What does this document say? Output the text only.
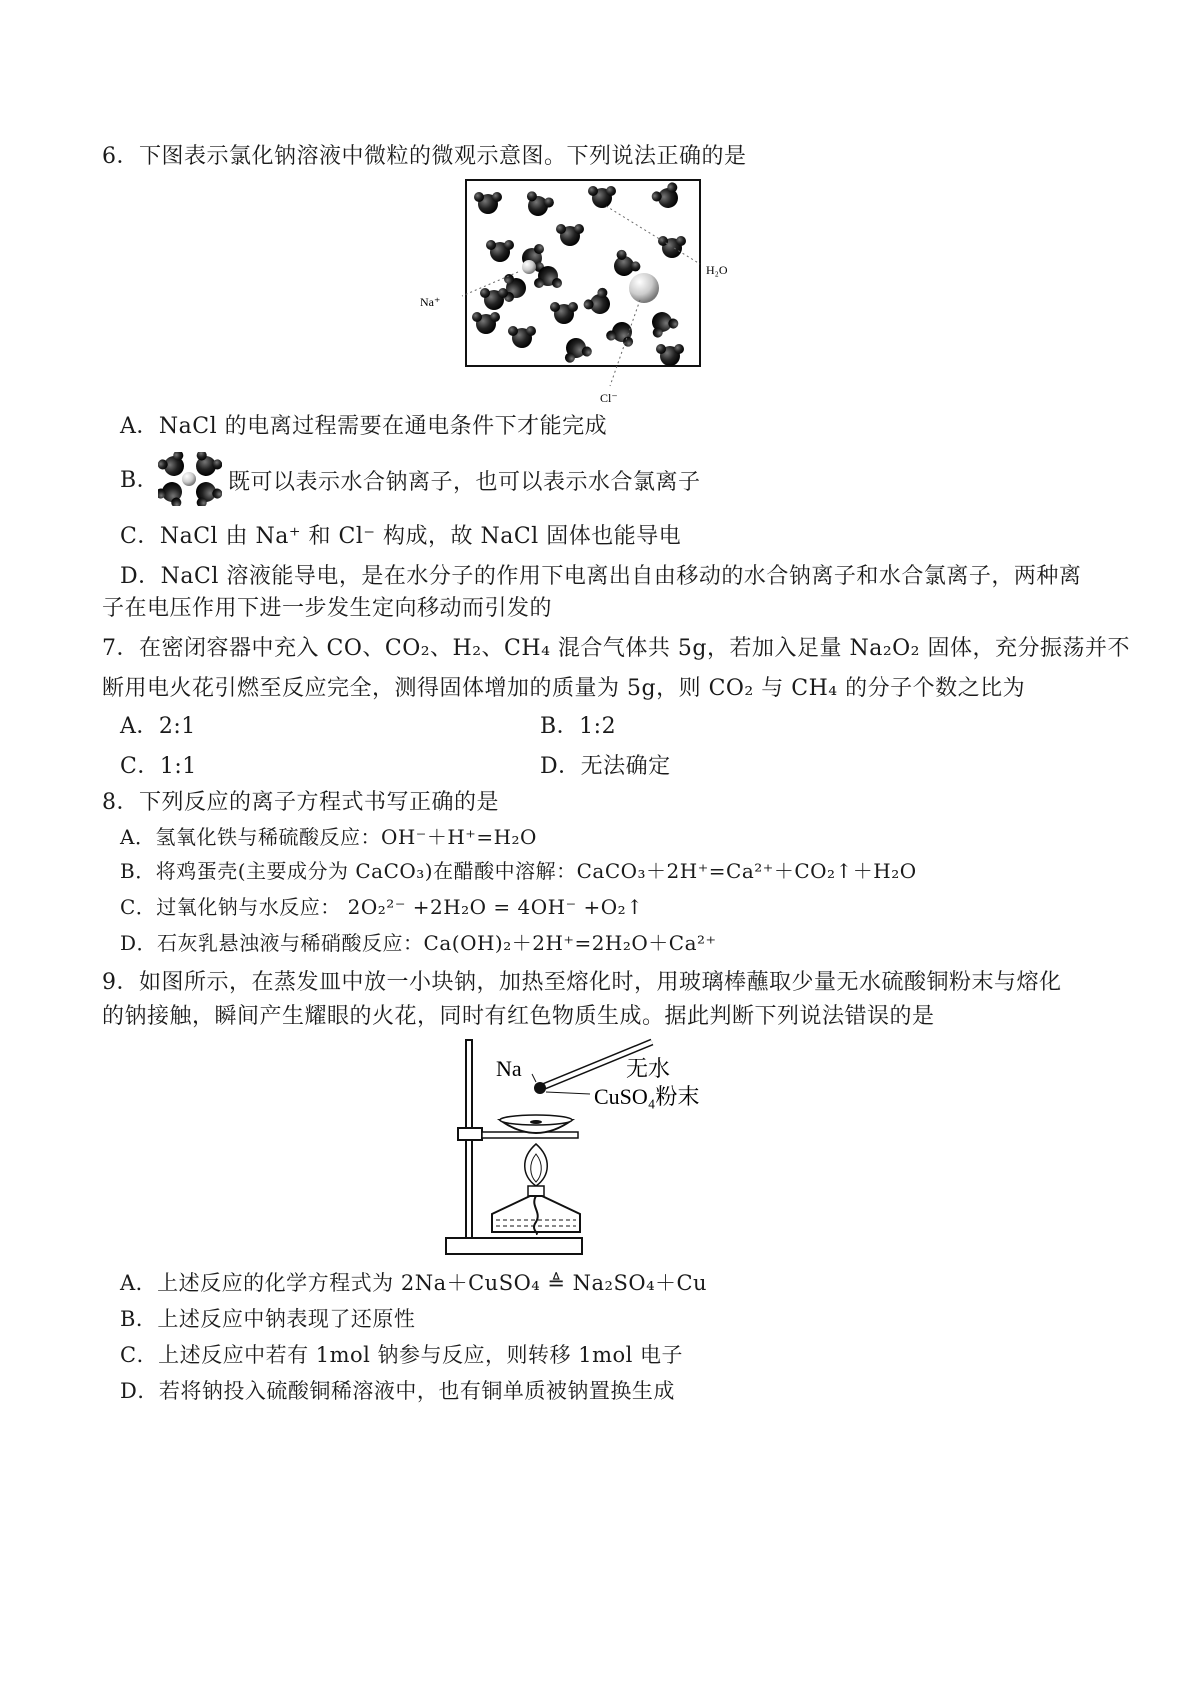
6．下图表示氯化钠溶液中微粒的微观示意图。下列说法正确的是
H₂O
Na⁺
Cl⁻
A．NaCl 的电离过程需要在通电条件下才能完成
B．	既可以表示水合钠离子，也可以表示水合氯离子
C．NaCl 由 Na⁺ 和 Cl⁻ 构成，故 NaCl 固体也能导电
D．NaCl 溶液能导电，是在水分子的作用下电离出自由移动的水合钠离子和水合氯离子，两种离
子在电压作用下进一步发生定向移动而引发的
7．在密闭容器中充入 CO、CO₂、H₂、CH₄ 混合气体共 5g，若加入足量 Na₂O₂ 固体，充分振荡并不
断用电火花引燃至反应完全，测得固体增加的质量为 5g，则 CO₂ 与 CH₄ 的分子个数之比为
A．2:1	B．1:2
C．1:1	D．无法确定
8．下列反应的离子方程式书写正确的是
A．氢氧化铁与稀硫酸反应：OH⁻＋H⁺=H₂O
B．将鸡蛋壳(主要成分为 CaCO₃)在醋酸中溶解：CaCO₃＋2H⁺=Ca²⁺＋CO₂↑＋H₂O
C．过氧化钠与水反应： 2O₂²⁻ +2H₂O = 4OH⁻ +O₂↑
D．石灰乳悬浊液与稀硝酸反应：Ca(OH)₂＋2H⁺=2H₂O＋Ca²⁺
9．如图所示，在蒸发皿中放一小块钠，加热至熔化时，用玻璃棒蘸取少量无水硫酸铜粉末与熔化
的钠接触，瞬间产生耀眼的火花，同时有红色物质生成。据此判断下列说法错误的是
Na	无水
CuSO₄粉末
A．上述反应的化学方程式为 2Na＋CuSO₄ ≜ Na₂SO₄＋Cu
B．上述反应中钠表现了还原性
C．上述反应中若有 1mol 钠参与反应，则转移 1mol 电子
D．若将钠投入硫酸铜稀溶液中，也有铜单质被钠置换生成
